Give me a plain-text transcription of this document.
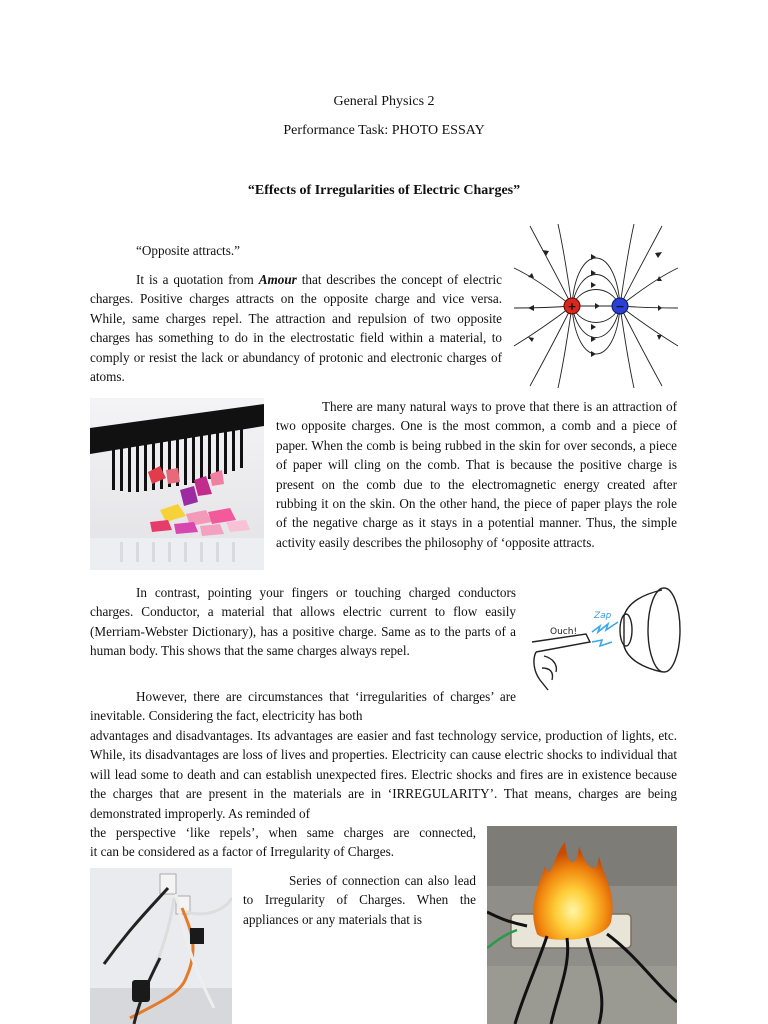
General Physics 2
Performance Task: PHOTO ESSAY
“Effects of Irregularities of Electric Charges”
“Opposite attracts.”
It is a quotation from Amour that describes the concept of electric charges. Positive charges attracts on the opposite charge and vice versa. While, same charges repel. The attraction and repulsion of two opposite charges has something to do in the electrostatic field within a material, to comply or resist the lack or abundancy of protonic and electronic charges of atoms.
+	−
There are many natural ways to prove that there is an attraction of two opposite charges. One is the most common, a comb and a piece of paper. When the comb is being rubbed in the skin for over seconds, a piece of paper will cling on the comb. That is because the positive charge is present on the comb due to the electromagnetic energy created after rubbing it on the skin. On the other hand, the piece of paper plays the role of the negative charge as it stays in a potential manner. Thus, the simple activity easily describes the philosophy of ‘opposite attracts.
In contrast, pointing your fingers or touching charged conductors charges. Conductor, a material that allows electric current to flow easily (Merriam-Webster Dictionary), has a positive charge. Same as to the parts of a human body. This shows that the same charges always repel.
Ouch!
Zap
However, there are circumstances that ‘irregularities of charges’ are inevitable. Considering the fact, electricity has both
advantages and disadvantages. Its advantages are easier and fast technology service, production of lights, etc. While, its disadvantages are loss of lives and properties. Electricity can cause electric shocks to individual that will lead some to death and can establish unexpected fires. Electric shocks and fires are in existence because the charges that are present in the materials are in ‘IRREGULARITY’. That means, charges are being demonstrated improperly. As reminded of
the perspective ‘like repels’, when same charges are connected,
it can be considered as a factor of Irregularity of Charges.
Series of connection can also lead to Irregularity of Charges. When the appliances or any materials that is
